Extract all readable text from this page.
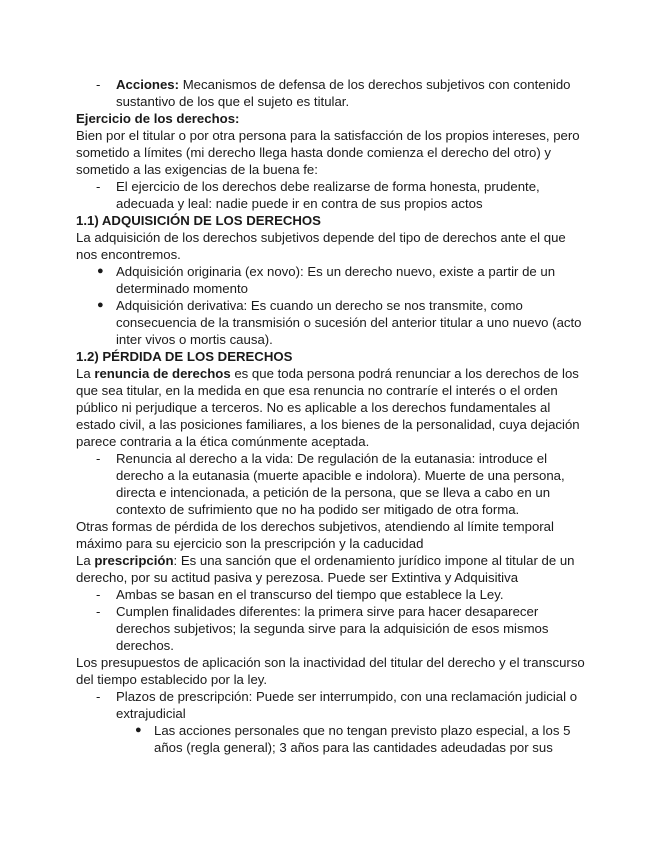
- Acciones: Mecanismos de defensa de los derechos subjetivos con contenido sustantivo de los que el sujeto es titular.

Ejercicio de los derechos:

Bien por el titular o por otra persona para la satisfacción de los propios intereses, pero sometido a límites (mi derecho llega hasta donde comienza el derecho del otro) y sometido a las exigencias de la buena fe:

- El ejercicio de los derechos debe realizarse de forma honesta, prudente, adecuada y leal: nadie puede ir en contra de sus propios actos

1.1) ADQUISICIÓN DE LOS DERECHOS

La adquisición de los derechos subjetivos depende del tipo de derechos ante el que nos encontremos.

● Adquisición originaria (ex novo): Es un derecho nuevo, existe a partir de un determinado momento
● Adquisición derivativa: Es cuando un derecho se nos transmite, como consecuencia de la transmisión o sucesión del anterior titular a uno nuevo (acto inter vivos o mortis causa).

1.2) PÉRDIDA DE LOS DERECHOS

La renuncia de derechos es que toda persona podrá renunciar a los derechos de los que sea titular, en la medida en que esa renuncia no contraríe el interés o el orden público ni perjudique a terceros. No es aplicable a los derechos fundamentales al estado civil, a las posiciones familiares, a los bienes de la personalidad, cuya dejación parece contraria a la ética comúnmente aceptada.

- Renuncia al derecho a la vida: De regulación de la eutanasia: introduce el derecho a la eutanasia (muerte apacible e indolora). Muerte de una persona, directa e intencionada, a petición de la persona, que se lleva a cabo en un contexto de sufrimiento que no ha podido ser mitigado de otra forma.

Otras formas de pérdida de los derechos subjetivos, atendiendo al límite temporal máximo para su ejercicio son la prescripción y la caducidad

La prescripción: Es una sanción que el ordenamiento jurídico impone al titular de un derecho, por su actitud pasiva y perezosa. Puede ser Extintiva y Adquisitiva

- Ambas se basan en el transcurso del tiempo que establece la Ley.
- Cumplen finalidades diferentes: la primera sirve para hacer desaparecer derechos subjetivos; la segunda sirve para la adquisición de esos mismos derechos.

Los presupuestos de aplicación son la inactividad del titular del derecho y el transcurso del tiempo establecido por la ley.

- Plazos de prescripción: Puede ser interrumpido, con una reclamación judicial o extrajudicial
● Las acciones personales que no tengan previsto plazo especial, a los 5 años (regla general); 3 años para las cantidades adeudadas por sus
